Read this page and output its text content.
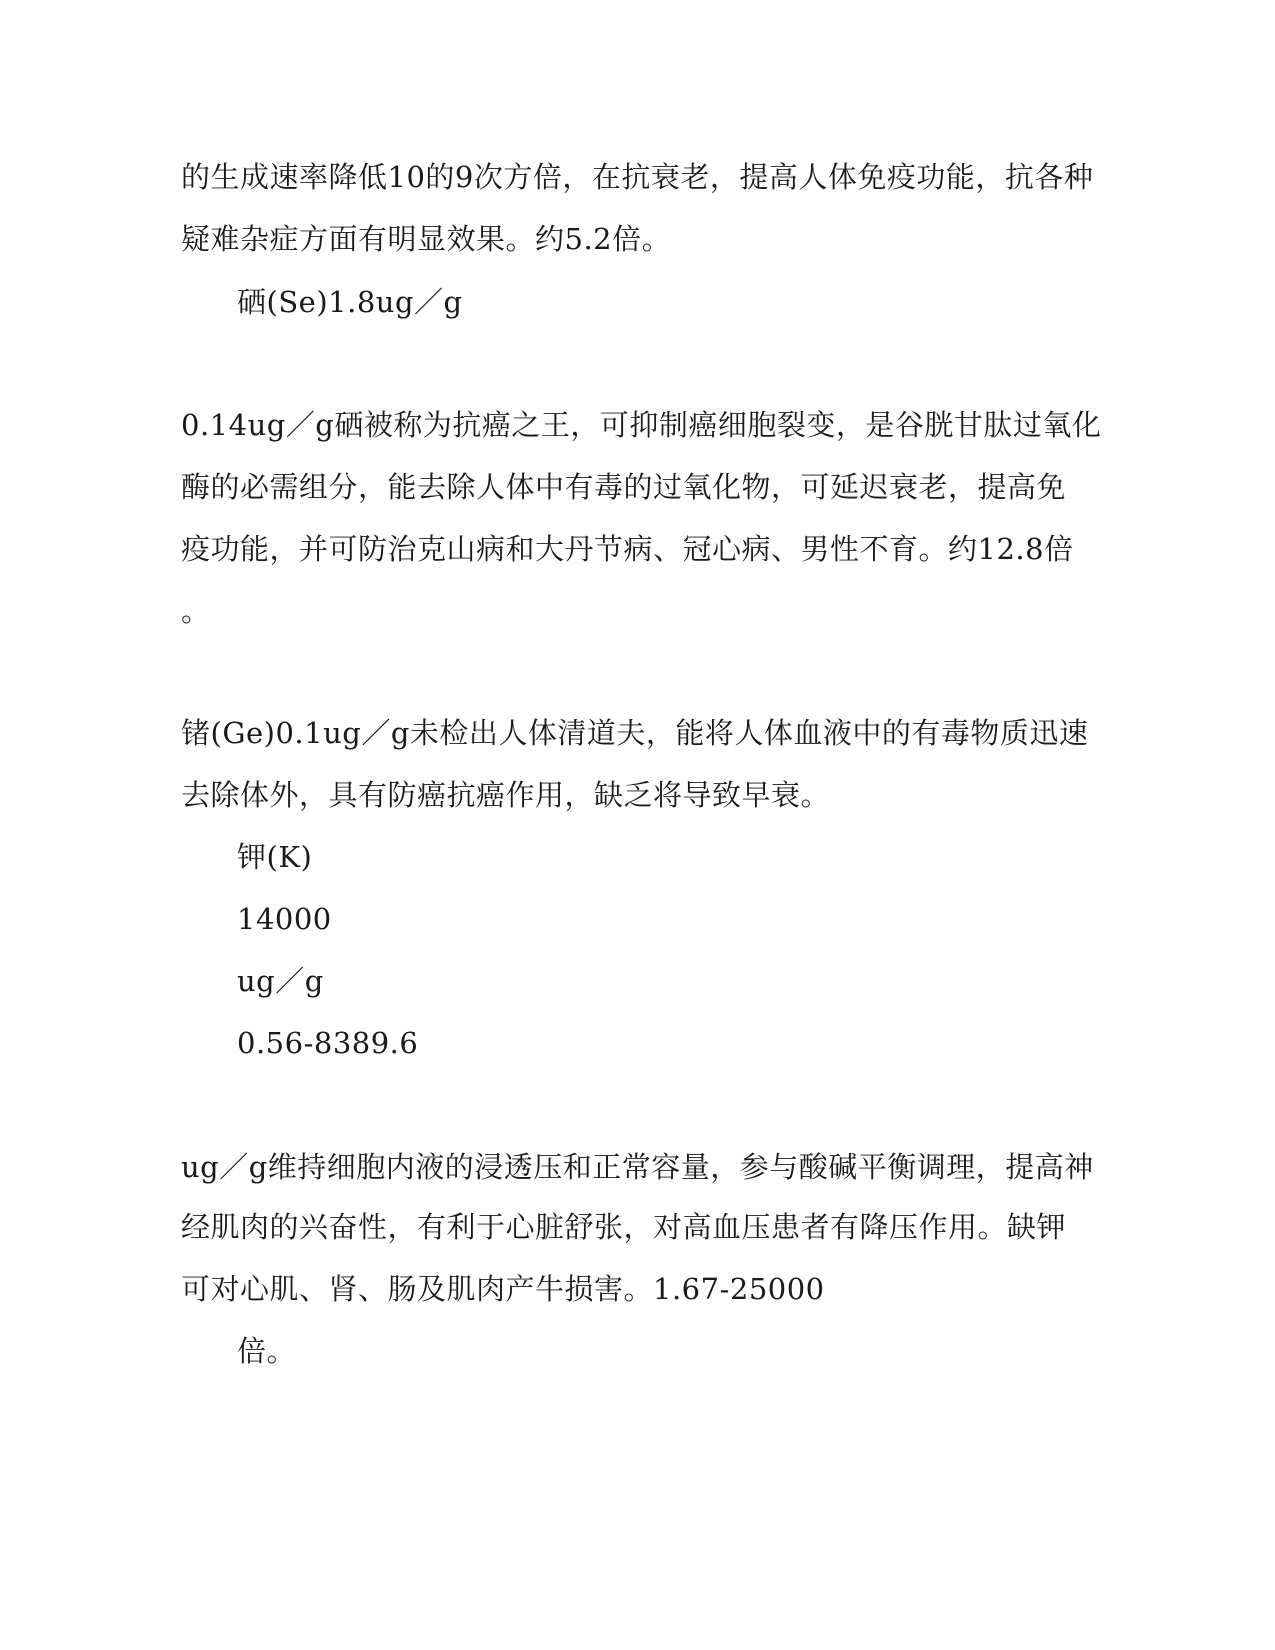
的生成速率降低10的9次方倍，在抗衰老，提高人体免疫功能，抗各种
疑难杂症方面有明显效果。约5.2倍。
硒(Se)1.8ug／g
0.14ug／g硒被称为抗癌之王，可抑制癌细胞裂变，是谷胱甘肽过氧化
酶的必需组分，能去除人体中有毒的过氧化物，可延迟衰老，提高免
疫功能，并可防治克山病和大丹节病、冠心病、男性不育。约12.8倍
。
锗(Ge)0.1ug／g未检出人体清道夫，能将人体血液中的有毒物质迅速
去除体外，具有防癌抗癌作用，缺乏将导致早衰。
钾(K)
14000
ug／g
0.56-8389.6
ug／g维持细胞内液的浸透压和正常容量，参与酸碱平衡调理，提高神
经肌肉的兴奋性，有利于心脏舒张，对高血压患者有降压作用。缺钾
可对心肌、肾、肠及肌肉产牛损害。1.67-25000
倍。
